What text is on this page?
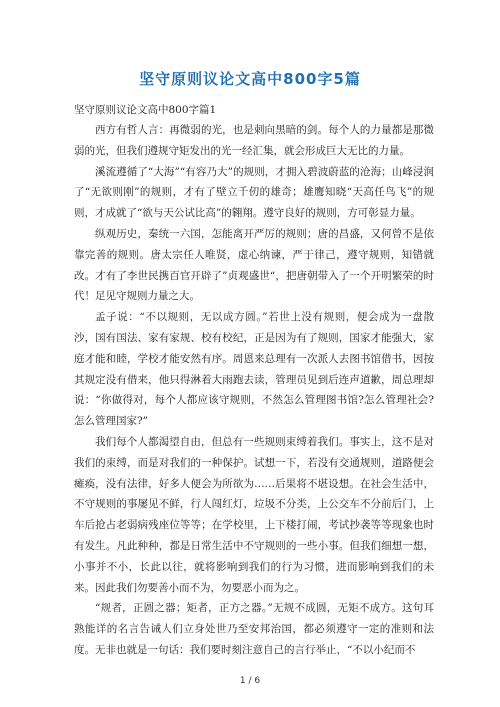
坚守原则议论文高中800字5篇

坚守原则议论文高中800字篇1

西方有哲人言：再微弱的光，也是刺向黑暗的剑。每个人的力量都是那微弱的光，但我们遵规守矩发出的光一经汇集，就会形成巨大无比的力量。

溪流遵循了“大海”“有容乃大”的规则，才拥入碧波蔚蓝的沧海；山峰浸润了“无欲则刚”的规则，才有了壁立千仞的雄奇；雄鹰知晓“天高任鸟飞”的规则，才成就了“欲与天公试比高”的翱翔。遵守良好的规则，方可彰显力量。

纵观历史，秦统一六国，怎能离开严厉的规则；唐的昌盛，又何曾不是依靠完善的规则。唐太宗任人唯贤，虚心纳谏，严于律己，遵守规则，知错就改。才有了李世民携百官开辟了”贞观盛世“，把唐朝带入了一个开明繁荣的时代！足见守规则力量之大。

孟子说：“不以规则，无以成方圆。”若世上没有规则，便会成为一盘散沙，国有国法、家有家规、校有校纪，正是因为有了规则，国家才能强大，家庭才能和睦，学校才能安然有序。周恩来总理有一次派人去图书馆借书，因按其规定没有借来，他只得淋着大雨跑去读，管理员见到后连声道歉，周总理却说：“你做得对，每个人都应该守规则，不然怎么管理图书馆?怎么管理社会?怎么管理国家?”

我们每个人都渴望自由，但总有一些规则束缚着我们。事实上，这不是对我们的束缚，而是对我们的一种保护。试想一下，若没有交通规则，道路便会瘫痪，没有法律，好多人便会为所欲为……后果将不堪设想。在社会生活中，不守规则的事屡见不鲜，行人闯红灯，垃圾不分类，上公交车不分前后门，上车后抢占老弱病残座位等等；在学校里，上下楼打闹，考试抄袭等等现象也时有发生。凡此种种，都是日常生活中不守规则的一些小事。但我们细想一想，小事并不小，长此以往，就将影响到我们的行为习惯，进而影响到我们的未来。因此我们勿要善小而不为，勿要恶小而为之。

“规者，正圆之器；矩者，正方之器。”无规不成圆，无矩不成方。这句耳熟能详的名言告诫人们立身处世乃至安邦治国，都必须遵守一定的准则和法度。无非也就是一句话：我们要时刻注意自己的言行举止，“不以小纪而不

1 / 6
